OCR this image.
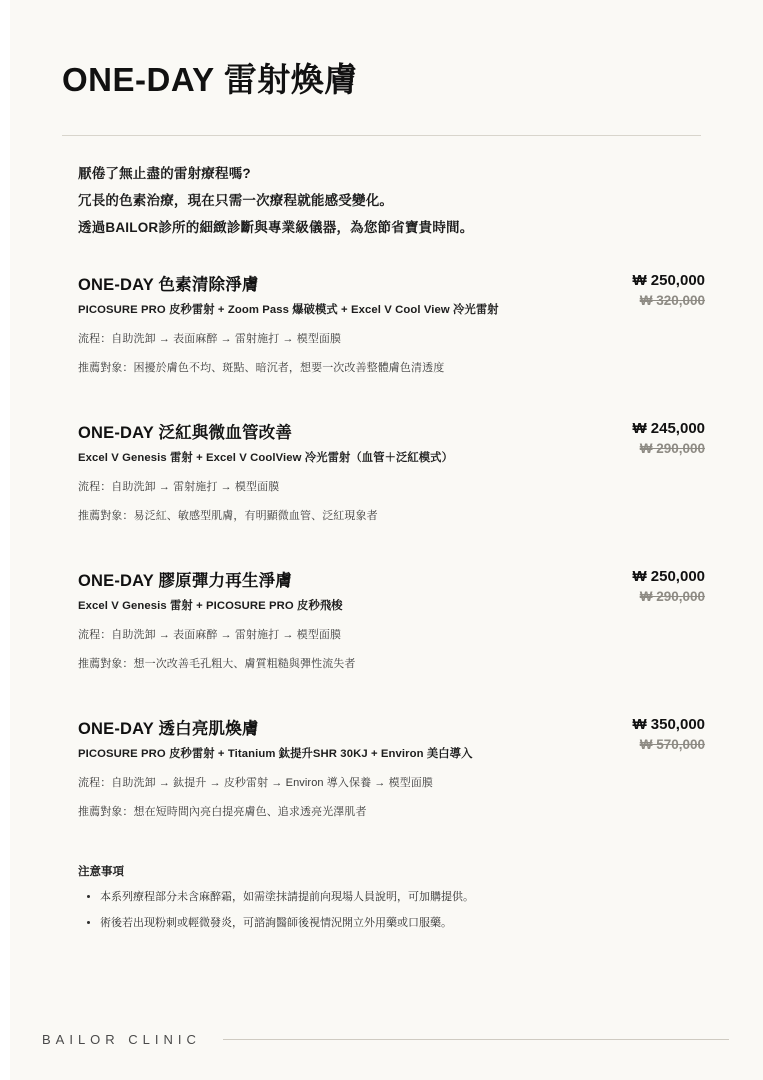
ONE-DAY 雷射煥膚
厭倦了無止盡的雷射療程嗎?
冗長的色素治療，現在只需一次療程就能感受變化。
透過BAILOR診所的細緻診斷與專業級儀器，為您節省寶貴時間。
ONE-DAY 色素清除淨膚
PICOSURE PRO 皮秒雷射 + Zoom Pass 爆破模式 + Excel V Cool View 冷光雷射
₩ 250,000
₩ 320,000
流程：自助洗卸 → 表面麻醉 → 雷射施打 → 模型面膜
推薦對象：困擾於膚色不均、斑點、暗沉者，想要一次改善整體膚色清透度
ONE-DAY 泛紅與微血管改善
Excel V Genesis 雷射 + Excel V CoolView 冷光雷射（血管＋泛紅模式）
₩ 245,000
₩ 290,000
流程：自助洗卸 → 雷射施打 → 模型面膜
推薦對象：易泛紅、敏感型肌膚，有明顯微血管、泛紅現象者
ONE-DAY 膠原彈力再生淨膚
Excel V Genesis 雷射 + PICOSURE PRO 皮秒飛梭
₩ 250,000
₩ 290,000
流程：自助洗卸 → 表面麻醉 → 雷射施打 → 模型面膜
推薦對象：想一次改善毛孔粗大、膚質粗糙與彈性流失者
ONE-DAY 透白亮肌煥膚
PICOSURE PRO 皮秒雷射 + Titanium 鈦提升SHR 30KJ + Environ 美白導入
₩ 350,000
₩ 570,000
流程：自助洗卸 → 鈦提升 → 皮秒雷射 → Environ 導入保養 → 模型面膜
推薦對象：想在短時間內亮白提亮膚色、追求透亮光澤肌者
注意事項
• 本系列療程部分未含麻醉霜，如需塗抹請提前向現場人員說明，可加購提供。
• 術後若出现粉刺或輕微發炎，可諮詢醫師後視情況開立外用藥或口服藥。
BAILOR CLINIC
